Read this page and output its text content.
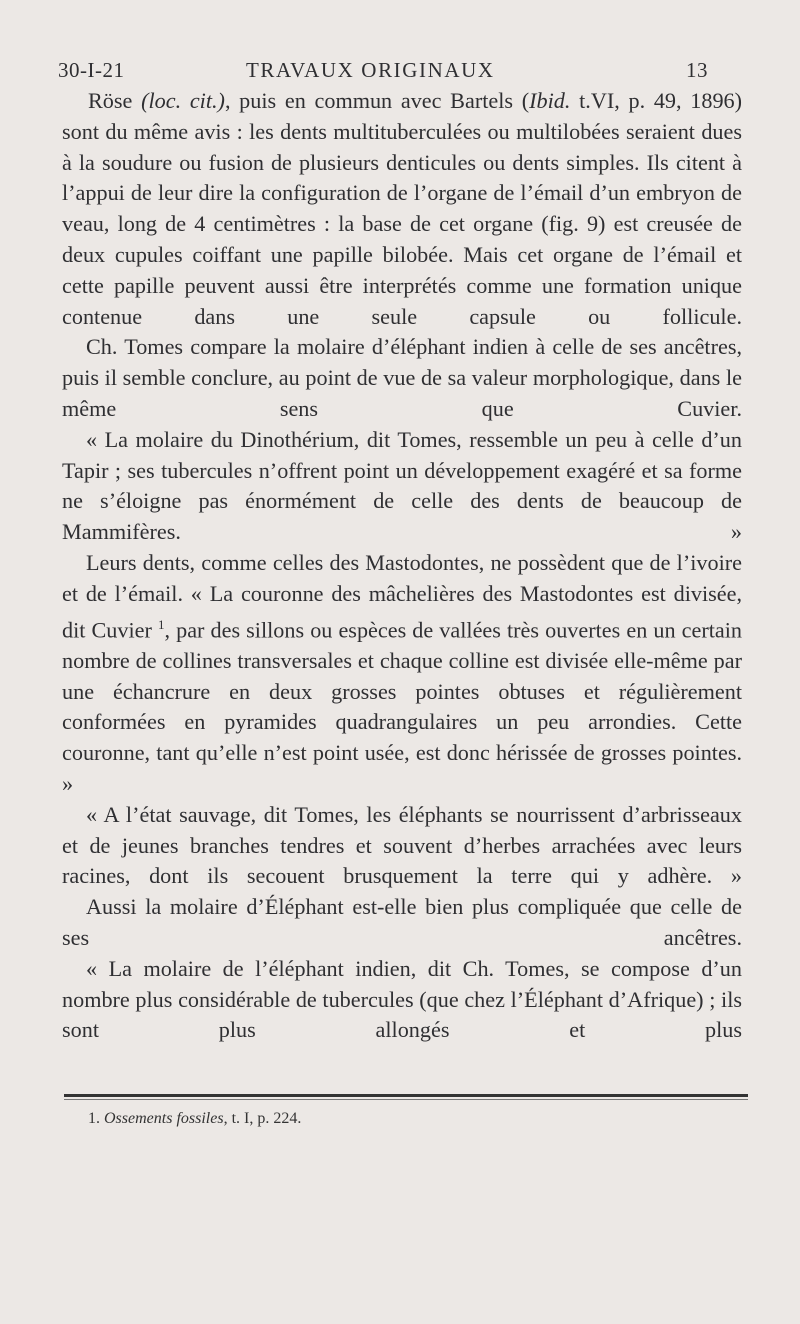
30-I-21	TRAVAUX ORIGINAUX	13

Röse (loc. cit.), puis en commun avec Bartels (Ibid. t.VI, p. 49, 1896) sont du même avis : les dents multituberculées ou multilobées seraient dues à la soudure ou fusion de plusieurs denticules ou dents simples. Ils citent à l’appui de leur dire la configuration de l’organe de l’émail d’un embryon de veau, long de 4 centimètres : la base de cet organe (fig. 9) est creusée de deux cupules coiffant une papille bilobée. Mais cet organe de l’émail et cette papille peuvent aussi être interprétés comme une formation unique contenue dans une seule capsule ou follicule.

Ch. Tomes compare la molaire d’éléphant indien à celle de ses ancêtres, puis il semble conclure, au point de vue de sa valeur morphologique, dans le même sens que Cuvier.

« La molaire du Dinothérium, dit Tomes, ressemble un peu à celle d’un Tapir ; ses tubercules n’offrent point un développement exagéré et sa forme ne s’éloigne pas énormément de celle des dents de beaucoup de Mammifères. »

Leurs dents, comme celles des Mastodontes, ne possèdent que de l’ivoire et de l’émail. « La couronne des mâchelières des Mastodontes est divisée, dit Cuvier $^1$, par des sillons ou espèces de vallées très ouvertes en un certain nombre de collines transversales et chaque colline est divisée elle-même par une échancrure en deux grosses pointes obtuses et régulièrement conformées en pyramides quadrangulaires un peu arrondies. Cette couronne, tant qu’elle n’est point usée, est donc hérissée de grosses pointes. »

« A l’état sauvage, dit Tomes, les éléphants se nourrissent d’arbrisseaux et de jeunes branches tendres et souvent d’herbes arrachées avec leurs racines, dont ils secouent brusquement la terre qui y adhère. »

Aussi la molaire d’Éléphant est-elle bien plus compliquée que celle de ses ancêtres.

« La molaire de l’éléphant indien, dit Ch. Tomes, se compose d’un nombre plus considérable de tubercules (que chez l’Éléphant d’Afrique) ; ils sont plus allongés et plus

1. Ossements fossiles, t. I, p. 224.
